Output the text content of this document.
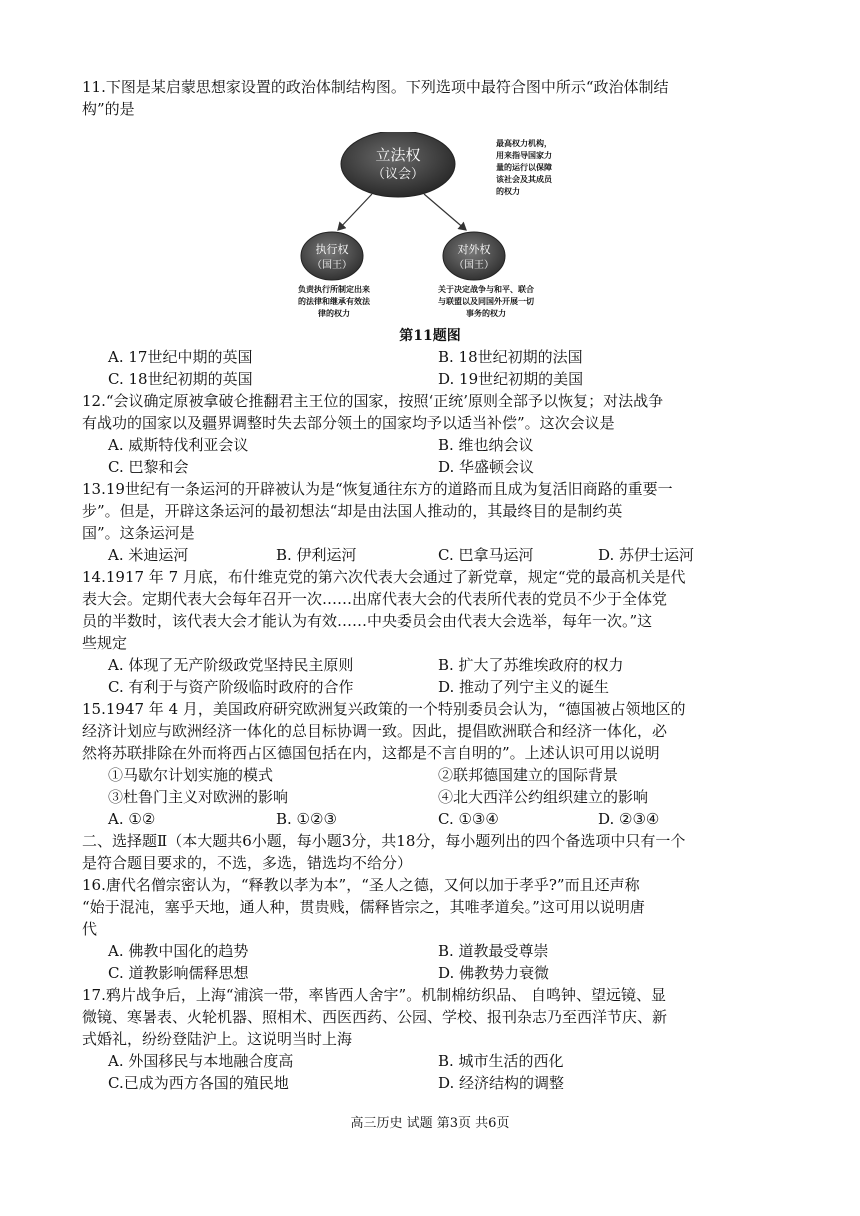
11.下图是某启蒙思想家设置的政治体制结构图。下列选项中最符合图中所示“政治体制结
构”的是
立法权
（议会）
最高权力机构，
用来指导国家力
量的运行以保障
该社会及其成员
的权力
执行权
（国王）
对外权
（国王）
负责执行所制定出来
的法律和继承有效法
律的权力
关于决定战争与和平、联合
与联盟以及同国外开展一切
事务的权力
第11题图
A. 17世纪中期的英国	B. 18世纪初期的法国
C. 18世纪初期的英国	D. 19世纪初期的美国
12.“会议确定原被拿破仑推翻君主王位的国家，按照‘正统’原则全部予以恢复；对法战争
有战功的国家以及疆界调整时失去部分领土的国家均予以适当补偿”。这次会议是
A. 威斯特伐利亚会议	B. 维也纳会议
C. 巴黎和会	D. 华盛顿会议
13.19世纪有一条运河的开辟被认为是“恢复通往东方的道路而且成为复活旧商路的重要一
步”。但是，开辟这条运河的最初想法“却是由法国人推动的，其最终目的是制约英
国”。这条运河是
A. 米迪运河	B. 伊利运河	C. 巴拿马运河	D. 苏伊士运河
14.1917 年 7 月底，布什维克党的第六次代表大会通过了新党章，规定“党的最高机关是代
表大会。定期代表大会每年召开一次……出席代表大会的代表所代表的党员不少于全体党
员的半数时，该代表大会才能认为有效……中央委员会由代表大会选举，每年一次。”这
些规定
A. 体现了无产阶级政党坚持民主原则	B. 扩大了苏维埃政府的权力
C. 有利于与资产阶级临时政府的合作	D. 推动了列宁主义的诞生
15.1947 年 4 月，美国政府研究欧洲复兴政策的一个特别委员会认为，“德国被占领地区的
经济计划应与欧洲经济一体化的总目标协调一致。因此，提倡欧洲联合和经济一体化，必
然将苏联排除在外而将西占区德国包括在内，这都是不言自明的”。上述认识可用以说明
①马歇尔计划实施的模式	②联邦德国建立的国际背景
③杜鲁门主义对欧洲的影响	④北大西洋公约组织建立的影响
A. ①②	B. ①②③	C. ①③④	D. ②③④
二、选择题Ⅱ（本大题共6小题，每小题3分，共18分，每小题列出的四个备选项中只有一个
是符合题目要求的，不选，多选，错选均不给分）
16.唐代名僧宗密认为，“释教以孝为本”，“圣人之德，又何以加于孝乎?”而且还声称
“始于混沌，塞乎天地，通人种，贯贵贱，儒释皆宗之，其唯孝道矣。”这可用以说明唐
代
A. 佛教中国化的趋势	B. 道教最受尊崇
C. 道教影响儒释思想	D. 佛教势力衰微
17.鸦片战争后，上海“浦滨一带，率皆西人舍宇”。机制棉纺织品、 自鸣钟、望远镜、显
微镜、寒暑表、火轮机器、照相术、西医西药、公园、学校、报刊杂志乃至西洋节庆、新
式婚礼，纷纷登陆沪上。这说明当时上海
A. 外国移民与本地融合度高	B. 城市生活的西化
C.已成为西方各国的殖民地	D. 经济结构的调整
高三历史 试题 第3页 共6页
